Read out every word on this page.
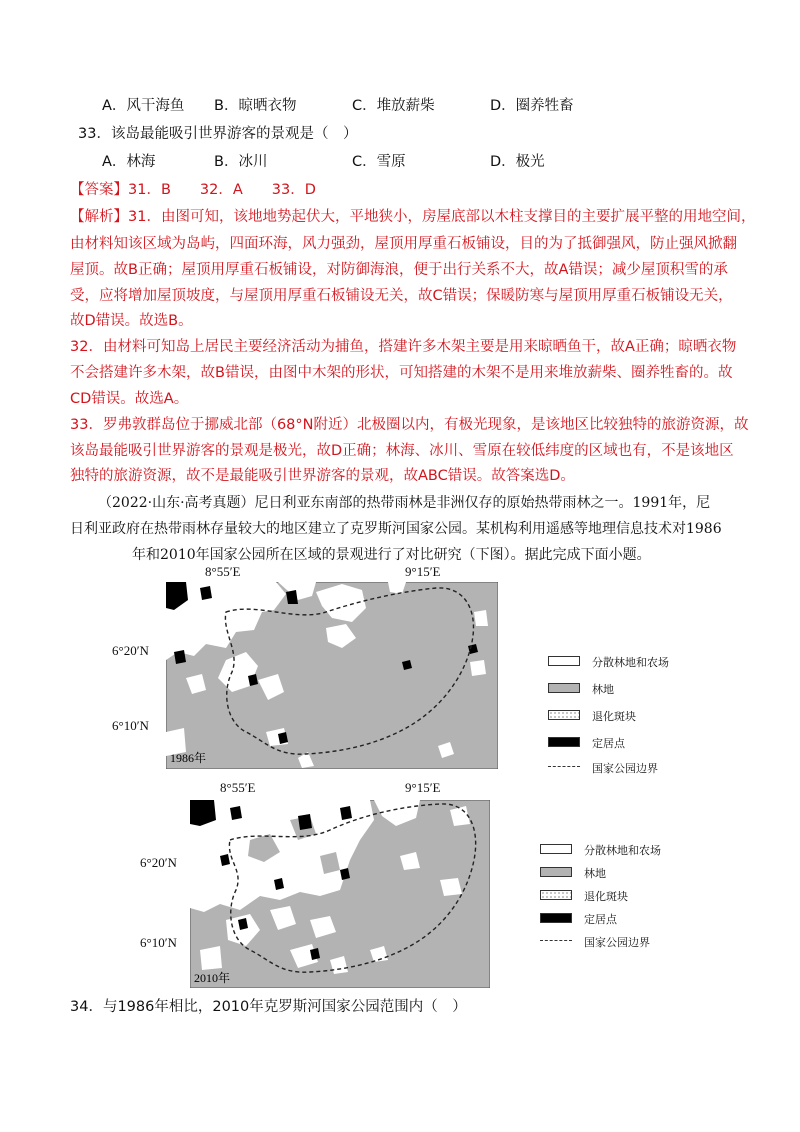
A．风干海鱼 B．晾晒衣物	C．堆放薪柴	D．圈养牲畜
33．该岛最能吸引世界游客的景观是（　）
A．林海	B．冰川	C．雪原	D．极光
【答案】31．B　　32．A　　33．D
【解析】31．由图可知，该地地势起伏大，平地狭小，房屋底部以木柱支撑目的主要扩展平整的用地空间，
由材料知该区域为岛屿，四面环海，风力强劲，屋顶用厚重石板铺设，目的为了抵御强风，防止强风掀翻
屋顶。故B正确；屋顶用厚重石板铺设，对防御海浪，便于出行关系不大，故A错误；减少屋顶积雪的承
受，应将增加屋顶坡度，与屋顶用厚重石板铺设无关，故C错误；保暖防寒与屋顶用厚重石板铺设无关，
故D错误。故选B。
32．由材料可知岛上居民主要经济活动为捕鱼，搭建许多木架主要是用来晾晒鱼干，故A正确；晾晒衣物
不会搭建许多木架，故B错误，由图中木架的形状，可知搭建的木架不是用来堆放薪柴、圈养牲畜的。故
CD错误。故选A。
33．罗弗敦群岛位于挪威北部（68°N附近）北极圈以内，有极光现象，是该地区比较独特的旅游资源，故
该岛最能吸引世界游客的景观是极光，故D正确；林海、冰川、雪原在较低纬度的区域也有，不是该地区
独特的旅游资源，故不是最能吸引世界游客的景观，故ABC错误。故答案选D。
（2022·山东·高考真题）尼日利亚东南部的热带雨林是非洲仅存的原始热带雨林之一。1991年，尼
日利亚政府在热带雨林存量较大的地区建立了克罗斯河国家公园。某机构利用遥感等地理信息技术对1986
年和2010年国家公园所在区域的景观进行了对比研究（下图）。据此完成下面小题。
8°55′E	9°15′E
6°20′N
6°10′N
1986年
分散林地和农场
林地
退化斑块
定居点
国家公园边界
8°55′E	9°15′E
6°20′N
6°10′N
2010年
分散林地和农场
林地
退化斑块
定居点
国家公园边界
34．与1986年相比，2010年克罗斯河国家公园范围内（　）
